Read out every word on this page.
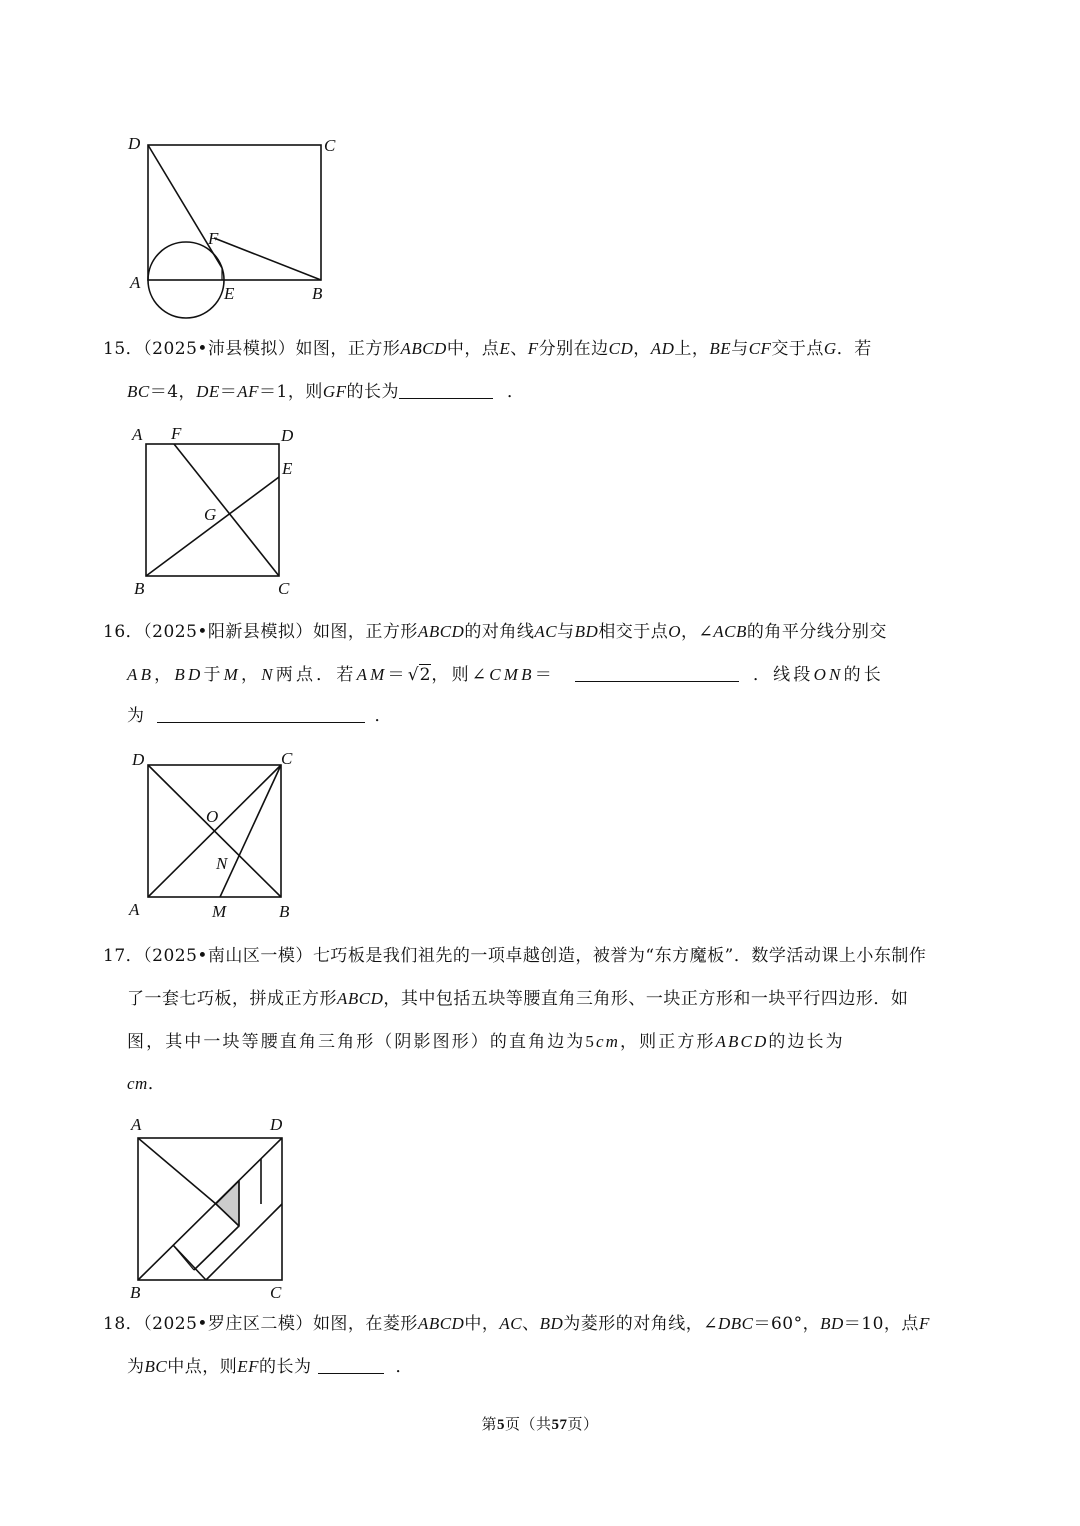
D	C
F
A
E	B
15．（2025•沛县模拟）如图，正方形ABCD中，点E、F分别在边CD，AD上，BE与CF交于点G．若
BC＝4，DE＝AF＝1，则GF的长为	．
A F	D
E
G
B	C
16．（2025•阳新县模拟）如图，正方形ABCD的对角线AC与BD相交于点O，∠ACB的角平分线分别交
AB，BD于M，N两点．若AM＝√2，则∠CMB＝	．线段ON的长
为	．
D	C
O
N
A	M	B
17．（2025•南山区一模）七巧板是我们祖先的一项卓越创造，被誉为“东方魔板”．数学活动课上小东制作
了一套七巧板，拼成正方形ABCD，其中包括五块等腰直角三角形、一块正方形和一块平行四边形．如
图，其中一块等腰直角三角形（阴影图形）的直角边为5cm，则正方形ABCD的边长为
cm．
A	D
B	C
18．（2025•罗庄区二模）如图，在菱形ABCD中，AC、BD为菱形的对角线，∠DBC＝60°，BD＝10，点F
为BC中点，则EF的长为	．
第5页（共57页）
